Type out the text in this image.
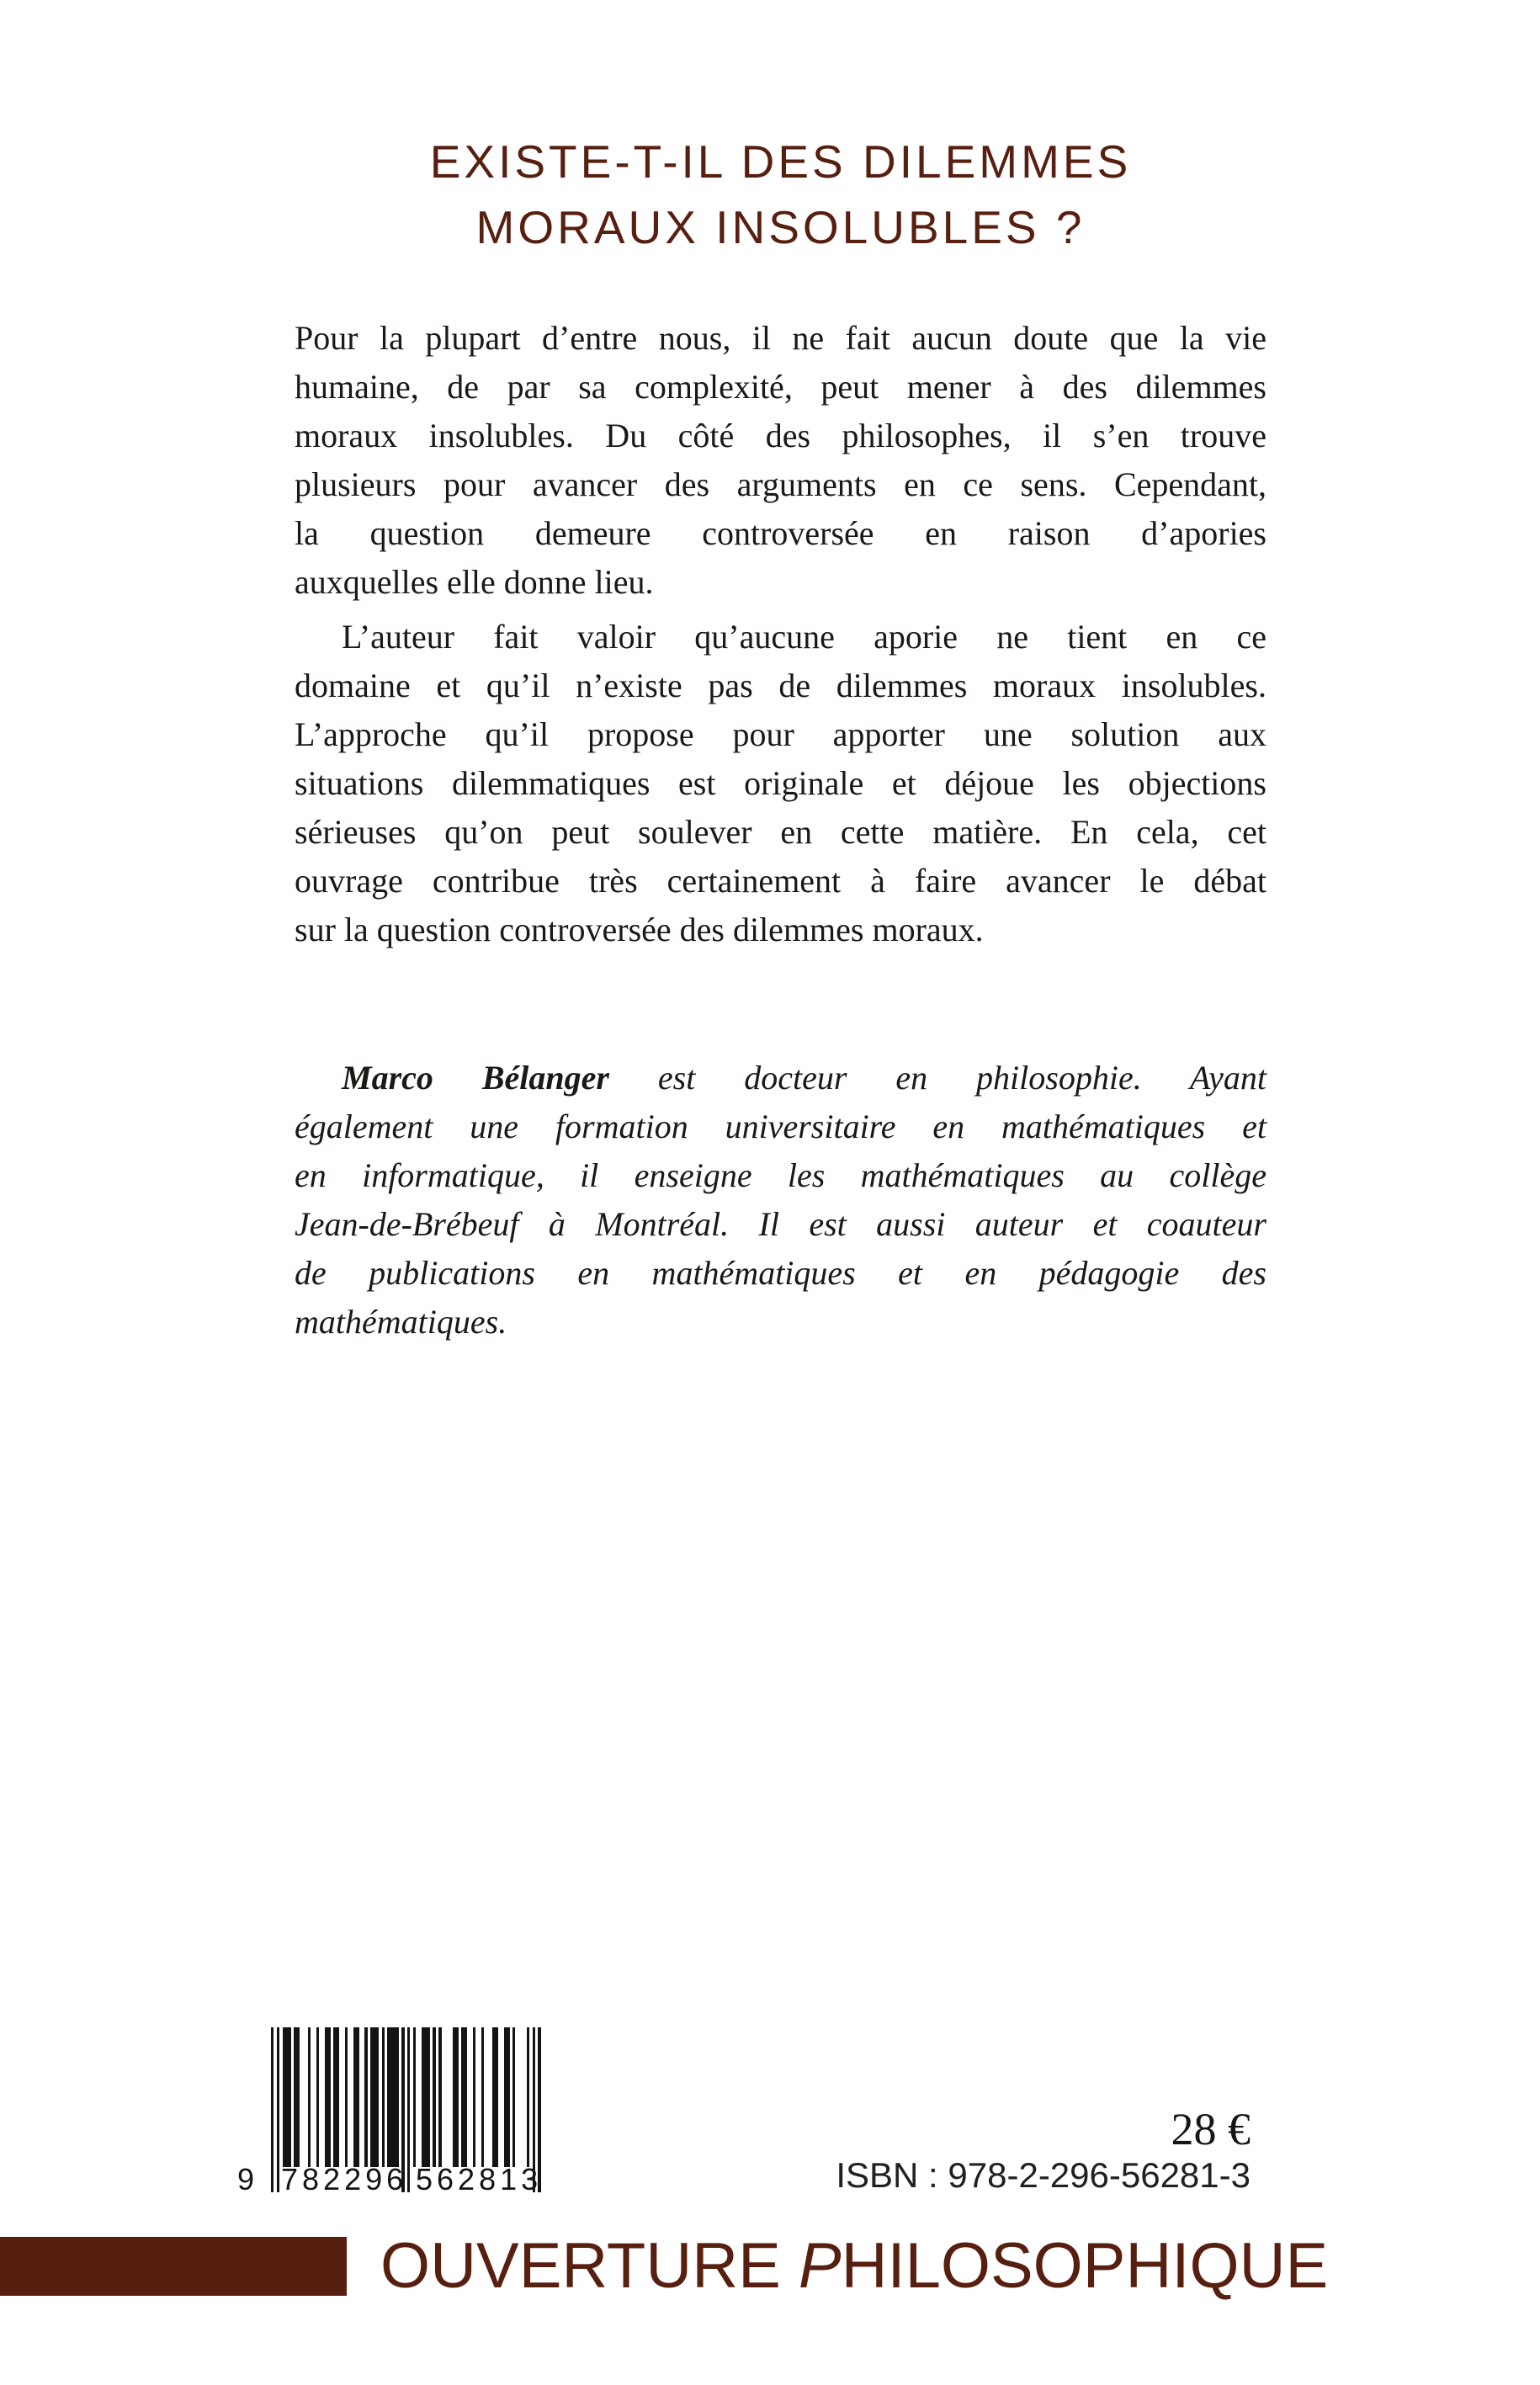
EXISTE-T-IL DES DILEMMES
MORAUX INSOLUBLES ?
Pour la plupart d’entre nous, il ne fait aucun doute que la vie
humaine, de par sa complexité, peut mener à des dilemmes
moraux insolubles. Du côté des philosophes, il s’en trouve
plusieurs pour avancer des arguments en ce sens. Cependant,
la question demeure controversée en raison d’apories
auxquelles elle donne lieu.
L’auteur fait valoir qu’aucune aporie ne tient en ce
domaine et qu’il n’existe pas de dilemmes moraux insolubles.
L’approche qu’il propose pour apporter une solution aux
situations dilemmatiques est originale et déjoue les objections
sérieuses qu’on peut soulever en cette matière. En cela, cet
ouvrage contribue très certainement à faire avancer le débat
sur la question controversée des dilemmes moraux.
Marco Bélanger est docteur en philosophie. Ayant
également une formation universitaire en mathématiques et
en informatique, il enseigne les mathématiques au collège
Jean-de-Brébeuf à Montréal. Il est aussi auteur et coauteur
de publications en mathématiques et en pédagogie des
mathématiques.
9 782296 562813
28 €
ISBN : 978-2-296-56281-3
OUVERTURE PHILOSOPHIQUE
